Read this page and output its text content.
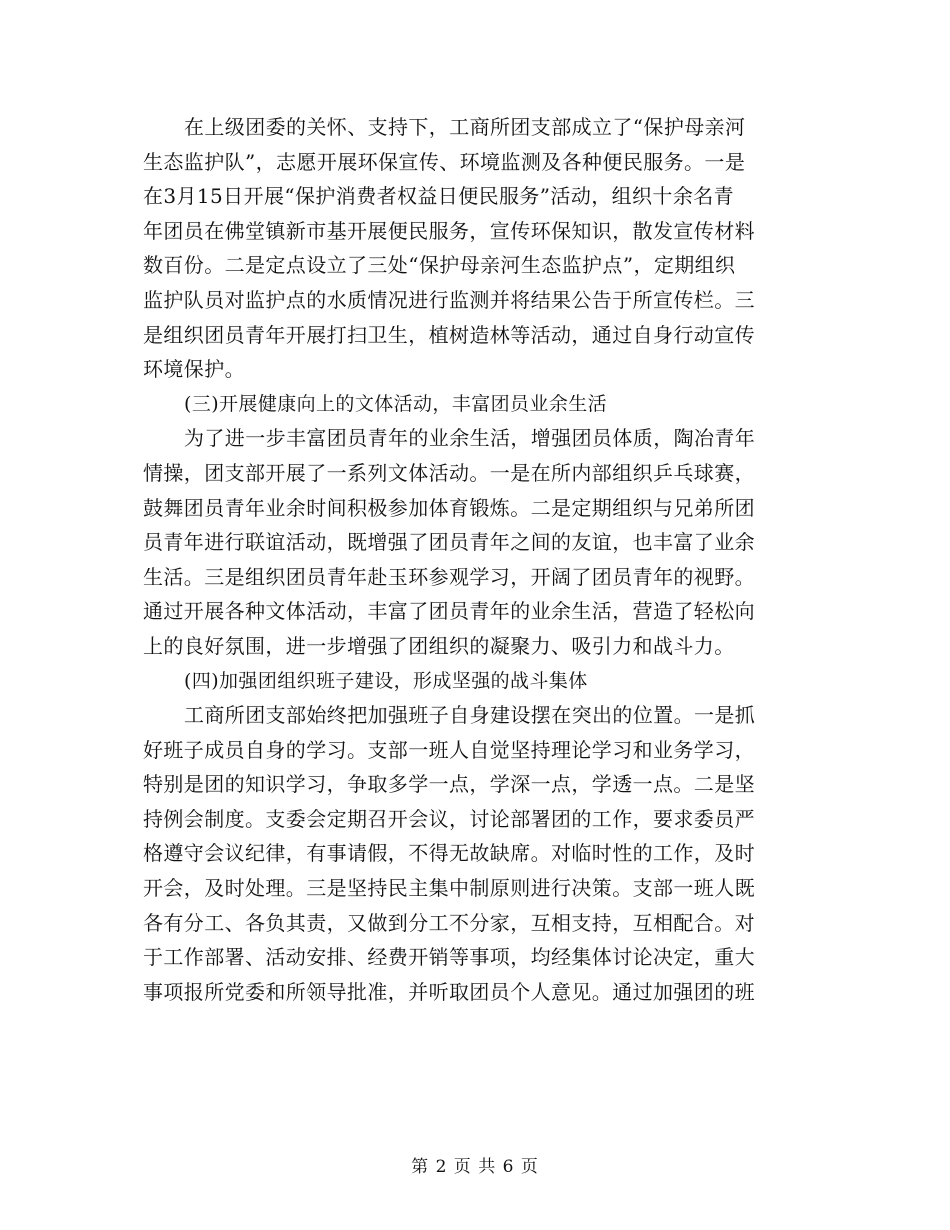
在上级团委的关怀、支持下，工商所团支部成立了“保护母亲河
生态监护队”，志愿开展环保宣传、环境监测及各种便民服务。一是
在3月15日开展“保护消费者权益日便民服务”活动，组织十余名青
年团员在佛堂镇新市基开展便民服务，宣传环保知识，散发宣传材料
数百份。二是定点设立了三处“保护母亲河生态监护点”，定期组织
监护队员对监护点的水质情况进行监测并将结果公告于所宣传栏。三
是组织团员青年开展打扫卫生，植树造林等活动，通过自身行动宣传
环境保护。
(三)开展健康向上的文体活动，丰富团员业余生活
为了进一步丰富团员青年的业余生活，增强团员体质，陶冶青年
情操，团支部开展了一系列文体活动。一是在所内部组织乒乓球赛，
鼓舞团员青年业余时间积极参加体育锻炼。二是定期组织与兄弟所团
员青年进行联谊活动，既增强了团员青年之间的友谊，也丰富了业余
生活。三是组织团员青年赴玉环参观学习，开阔了团员青年的视野。
通过开展各种文体活动，丰富了团员青年的业余生活，营造了轻松向
上的良好氛围，进一步增强了团组织的凝聚力、吸引力和战斗力。
(四)加强团组织班子建设，形成坚强的战斗集体
工商所团支部始终把加强班子自身建设摆在突出的位置。一是抓
好班子成员自身的学习。支部一班人自觉坚持理论学习和业务学习，
特别是团的知识学习，争取多学一点，学深一点，学透一点。二是坚
持例会制度。支委会定期召开会议，讨论部署团的工作，要求委员严
格遵守会议纪律，有事请假，不得无故缺席。对临时性的工作，及时
开会，及时处理。三是坚持民主集中制原则进行决策。支部一班人既
各有分工、各负其责，又做到分工不分家，互相支持，互相配合。对
于工作部署、活动安排、经费开销等事项，均经集体讨论决定，重大
事项报所党委和所领导批准，并听取团员个人意见。通过加强团的班
第 2 页 共 6 页
